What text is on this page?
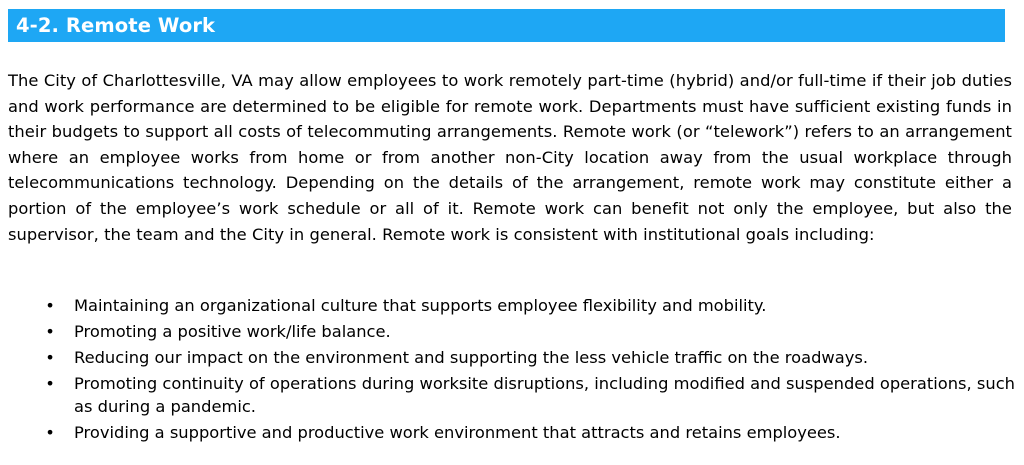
4-2. Remote Work

The City of Charlottesville, VA may allow employees to work remotely part-time (hybrid) and/or full-time if their job duties and work performance are determined to be eligible for remote work. Departments must have sufficient existing funds in their budgets to support all costs of telecommuting arrangements. Remote work (or “telework”) refers to an arrangement where an employee works from home or from another non-City location away from the usual workplace through telecommunications technology. Depending on the details of the arrangement, remote work may constitute either a portion of the employee’s work schedule or all of it. Remote work can benefit not only the employee, but also the supervisor, the team and the City in general. Remote work is consistent with institutional goals including:

•	Maintaining an organizational culture that supports employee flexibility and mobility.
•	Promoting a positive work/life balance.
•	Reducing our impact on the environment and supporting the less vehicle traffic on the roadways.
•	Promoting continuity of operations during worksite disruptions, including modified and suspended operations, such as during a pandemic.
•	Providing a supportive and productive work environment that attracts and retains employees.
